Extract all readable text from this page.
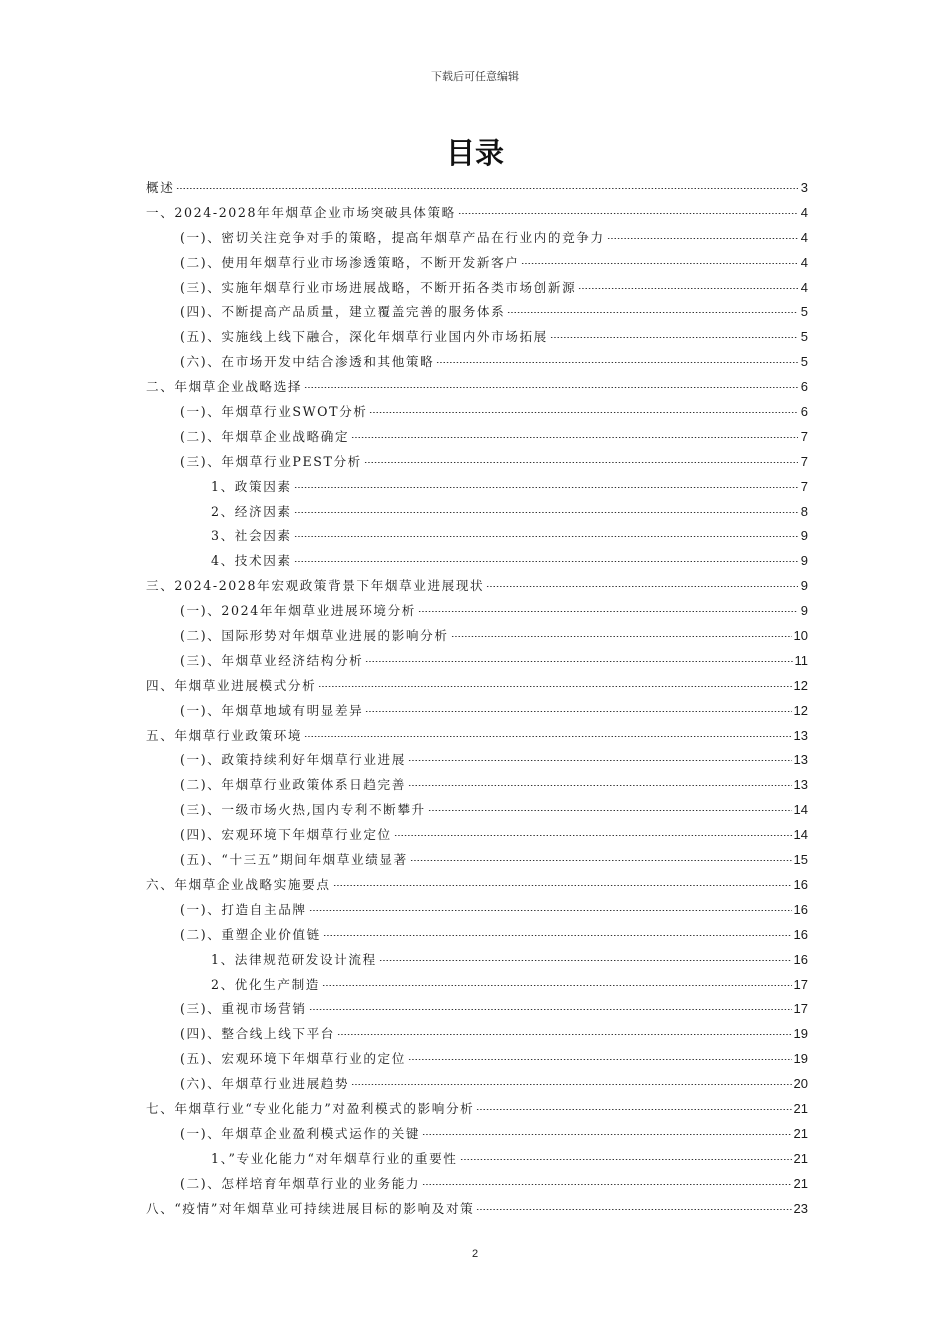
下载后可任意编辑
目录
概述	3
一、2024-2028年年烟草企业市场突破具体策略	4
(一)、密切关注竞争对手的策略，提高年烟草产品在行业内的竞争力	4
(二)、使用年烟草行业市场渗透策略，不断开发新客户	4
(三)、实施年烟草行业市场进展战略，不断开拓各类市场创新源	4
(四)、不断提高产品质量，建立覆盖完善的服务体系	5
(五)、实施线上线下融合，深化年烟草行业国内外市场拓展	5
(六)、在市场开发中结合渗透和其他策略	5
二、年烟草企业战略选择	6
(一)、年烟草行业SWOT分析	6
(二)、年烟草企业战略确定	7
(三)、年烟草行业PEST分析	7
1、政策因素	7
2、经济因素	8
3、社会因素	9
4、技术因素	9
三、2024-2028年宏观政策背景下年烟草业进展现状	9
(一)、2024年年烟草业进展环境分析	9
(二)、国际形势对年烟草业进展的影响分析	10
(三)、年烟草业经济结构分析	11
四、年烟草业进展模式分析	12
(一)、年烟草地域有明显差异	12
五、年烟草行业政策环境	13
(一)、政策持续利好年烟草行业进展	13
(二)、年烟草行业政策体系日趋完善	13
(三)、一级市场火热,国内专利不断攀升	14
(四)、宏观环境下年烟草行业定位	14
(五)、“十三五”期间年烟草业绩显著	15
六、年烟草企业战略实施要点	16
(一)、打造自主品牌	16
(二)、重塑企业价值链	16
1、法律规范研发设计流程	16
2、优化生产制造	17
(三)、重视市场营销	17
(四)、整合线上线下平台	19
(五)、宏观环境下年烟草行业的定位	19
(六)、年烟草行业进展趋势	20
七、年烟草行业“专业化能力”对盈利模式的影响分析	21
(一)、年烟草企业盈利模式运作的关键	21
1、”专业化能力“对年烟草行业的重要性	21
(二)、怎样培育年烟草行业的业务能力	21
八、“疫情”对年烟草业可持续进展目标的影响及对策	23
2
